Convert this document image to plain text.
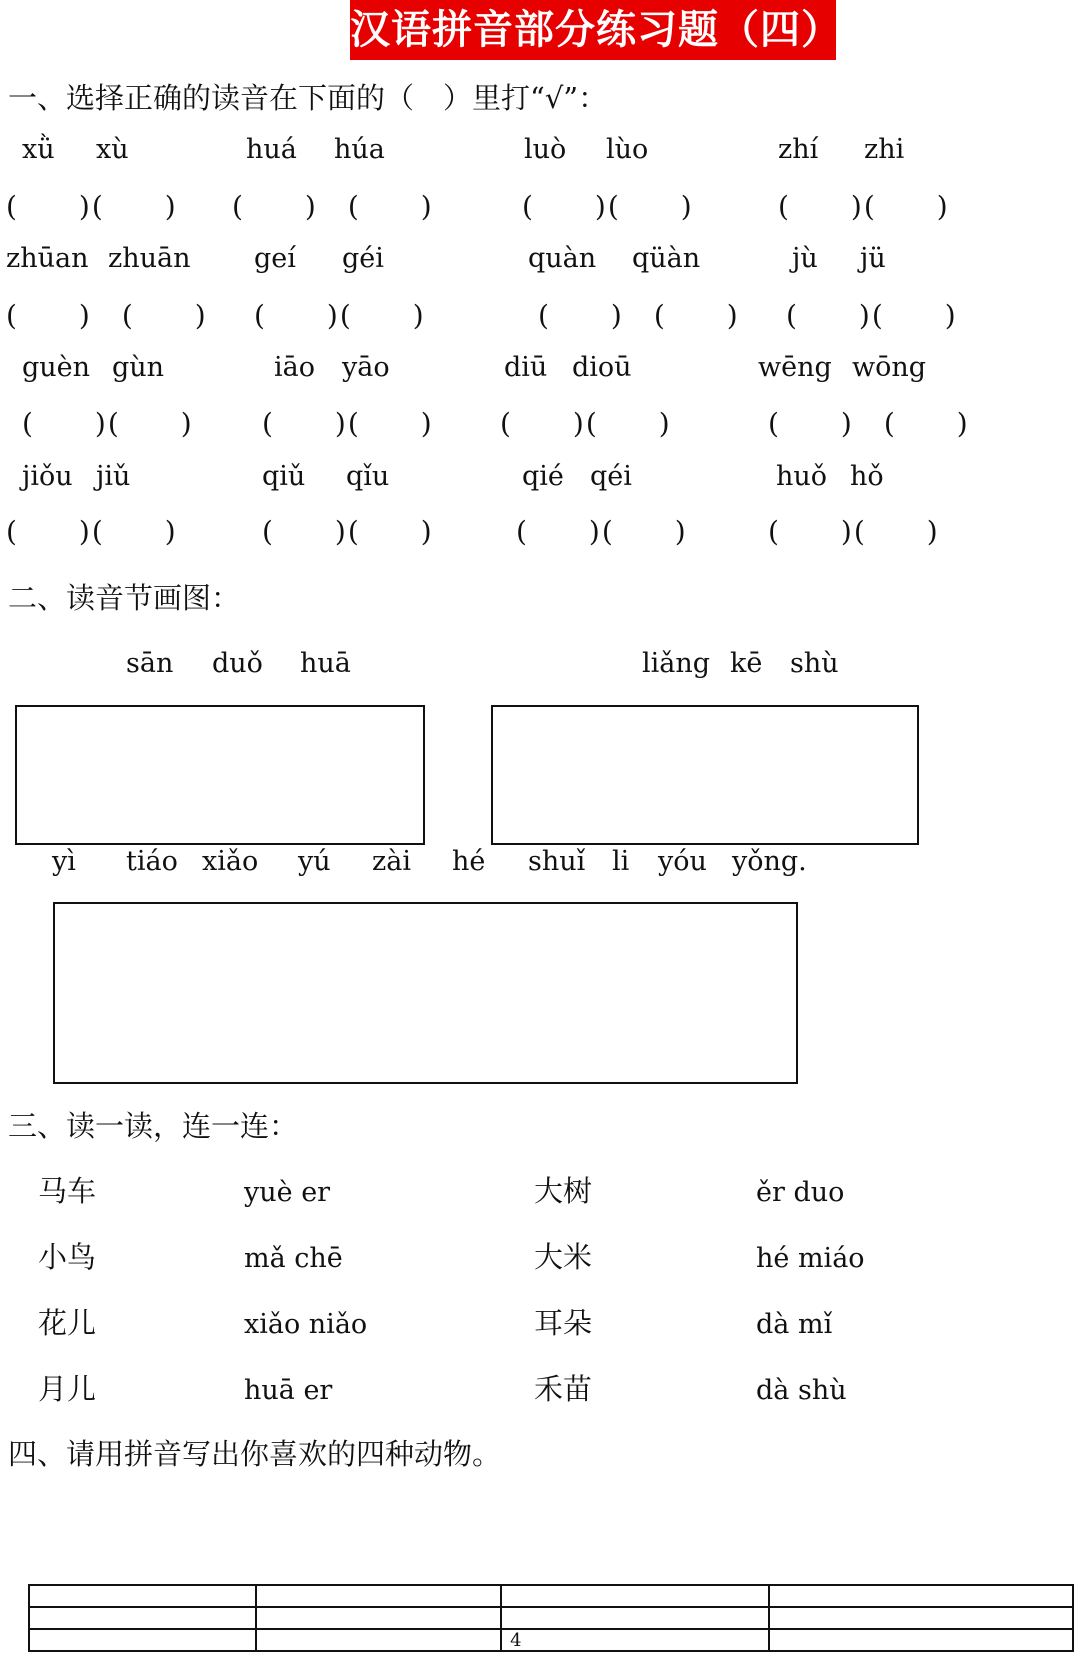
汉语拼音部分练习题（四）
一、选择正确的读音在下面的（　）里打“√”：
xǜ xù	huá húa	luò lùo	zhí zhi
(　　)(　　) (　　)　(　　)	(　　)(　　)	(　　)(　　)
zhūan zhuān geí géi	quàn qüàn	jù jü
(　　)　(　　) (　　)(　　)	(　　)　(　　) (　　)(　　)
guèn gùn	iāo yāo	diū dioū	wēng wōng
(　　)(　　) (　　)(　　) (　　)(　　)	(　　)　(　　)
jiǒu jiǔ	qiǔ qǐu	qié qéi	huǒ hǒ
(　　)(　　)	(　　)(　　)	(　　)(　　)	(　　)(　　)
二、读音节画图：
sān duǒ huā	liǎng kē shù
yì tiáo xiǎo yú zài hé shuǐ li yóu yǒng.
三、读一读，连一连：
马车	yuè er	大树	ěr duo
小鸟	mǎ chē	大米	hé miáo
花儿	xiǎo niǎo	耳朵	dà mǐ
月儿	huā er	禾苗	dà shù
四、请用拼音写出你喜欢的四种动物。

		4	
